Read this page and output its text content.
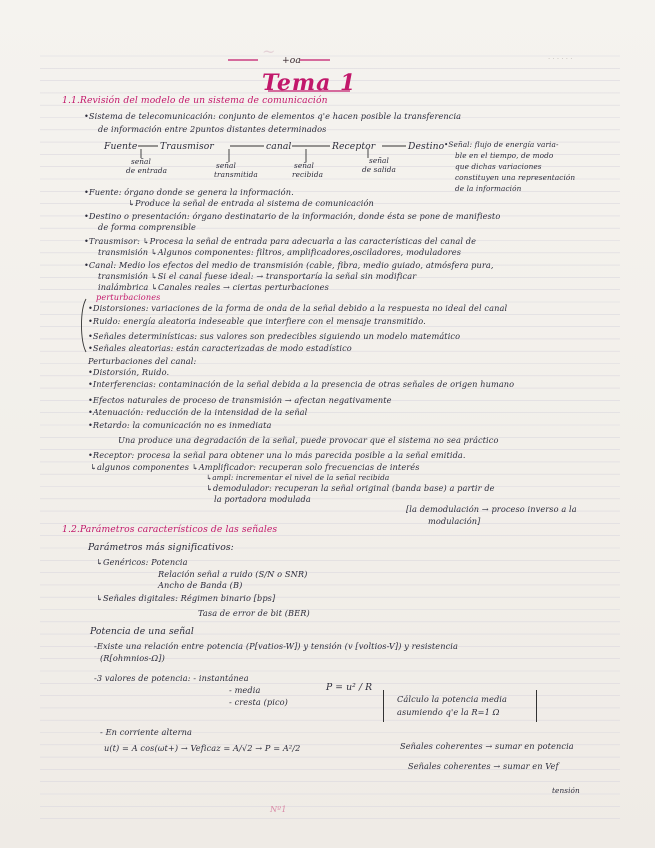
~	· · · · · ·
+oa
Tema 1
1.1.Revisión del modelo de un sistema de comunicación
•Sistema de telecomunicación: conjunto de elementos q'e hacen posible la transferencia
de información entre 2puntos distantes determinados
Fuente Trausmisor	canal	Receptor	Destino
señal
de entrada
señal
transmitida
señal
recibida
señal
de salida
•Señal: flujo de energía varia-
ble en el tiempo, de modo
que dichas variaciones
constituyen una representación
de la información
•Fuente: órgano donde se genera la información.
↳Produce la señal de entrada al sistema de comunicación
•Destino o presentación: órgano destinatario de la información, donde ésta se pone de manifiesto
de forma comprensible
•Trausmisor: ↳Procesa la señal de entrada para adecuarla a las características del canal de
transmisión ↳Algunos componentes: filtros, amplificadores,osciladores, moduladores
•Canal: Medio los efectos del medio de transmisión (cable, fibra, medio guiado, atmósfera pura,
transmisión ↳Si el canal fuese ideal: → transportaría la señal sin modificar
inalámbrica ↳Canales reales → ciertas perturbaciones
perturbaciones
•Distorsiones: variaciones de la forma de onda de la señal debido a la respuesta no ideal del canal
•Ruido: energía aleatoria indeseable que interfiere con el mensaje transmitido.
•Señales determinísticas: sus valores son predecibles siguiendo un modelo matemático
•Señales aleatorias: están caracterizadas de modo estadístico
Perturbaciones del canal:
•Distorsión, Ruido.
•Interferencias: contaminación de la señal debida a la presencia de otras señales de origen humano
•Efectos naturales de proceso de transmisión → afectan negativamente
•Atenuación: reducción de la intensidad de la señal
•Retardo: la comunicación no es inmediata
Una produce una degradación de la señal, puede provocar que el sistema no sea práctico
•Receptor: procesa la señal para obtener una lo más parecida posible a la señal emitida.
↳algunos componentes ↳Amplificador: recuperan solo frecuencias de interés
↳ampl: incrementar el nivel de la señal recibida
↳demodulador: recuperan la señal original (banda base) a partir de
la portadora modulada
[la demodulación → proceso inverso a la
modulación]
1.2.Parámetros característicos de las señales
Parámetros más significativos:
↳Genéricos: Potencia
Relación señal a ruido (S/N o SNR)
Ancho de Banda (B)
↳Señales digitales: Régimen binario [bps]
Tasa de error de bit (BER)
Potencia de una señal
-Existe una relación entre potencia (P[vatios-W]) y tensión (v [voltios-V]) y resistencia
(R[ohmnios-Ω])
-3 valores de potencia: - instantánea
- media
- cresta (pico)
P = u² / R
Cálculo la potencia media
asumiendo q'e la R=1 Ω
- En corriente alterna
u(t) = A cos(ωt+) → Veficaz = A/√2 → P = A²/2	Señales coherentes → sumar en potencia
Señales coherentes → sumar en Vef
tensión
Nº1
